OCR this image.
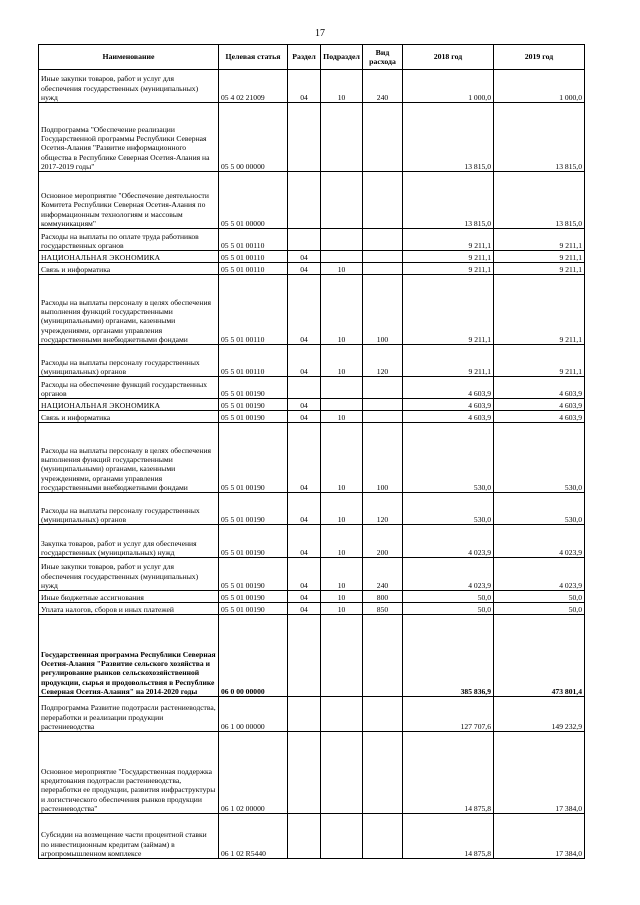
17
Наименование	Целевая статья	Раздел	Подраздел	Вид расхода	2018 год	2019 год
Иные закупки товаров, работ и услуг для обеспечения государственных (муниципальных) нужд	05 4 02 21009	04	10	240	1 000,0	1 000,0
Подпрограмма "Обеспечение реализации Государственной программы Республики Северная Осетия-Алания "Развитие информационного общества в Республике Северная Осетия-Алания на 2017-2019 годы"	05 5 00 00000				13 815,0	13 815,0
Основное мероприятие "Обеспечение деятельности Комитета Республики Северная Осетия-Алания по информационным технологиям и массовым коммуникациям"	05 5 01 00000				13 815,0	13 815,0
Расходы на выплаты по оплате труда работников государственных органов	05 5 01 00110				9 211,1	9 211,1
НАЦИОНАЛЬНАЯ ЭКОНОМИКА	05 5 01 00110	04			9 211,1	9 211,1
Связь и информатика	05 5 01 00110	04	10		9 211,1	9 211,1
Расходы на выплаты персоналу в целях обеспечения выполнения функций государственными (муниципальными) органами, казенными учреждениями, органами управления государственными внебюджетными фондами	05 5 01 00110	04	10	100	9 211,1	9 211,1
Расходы на выплаты персоналу государственных (муниципальных) органов	05 5 01 00110	04	10	120	9 211,1	9 211,1
Расходы на обеспечение функций государственных органов	05 5 01 00190				4 603,9	4 603,9
НАЦИОНАЛЬНАЯ ЭКОНОМИКА	05 5 01 00190	04			4 603,9	4 603,9
Связь и информатика	05 5 01 00190	04	10		4 603,9	4 603,9
Расходы на выплаты персоналу в целях обеспечения выполнения функций государственными (муниципальными) органами, казенными учреждениями, органами управления государственными внебюджетными фондами	05 5 01 00190	04	10	100	530,0	530,0
Расходы на выплаты персоналу государственных (муниципальных) органов	05 5 01 00190	04	10	120	530,0	530,0
Закупка товаров, работ и услуг для обеспечения государственных (муниципальных) нужд	05 5 01 00190	04	10	200	4 023,9	4 023,9
Иные закупки товаров, работ и услуг для обеспечения государственных (муниципальных) нужд	05 5 01 00190	04	10	240	4 023,9	4 023,9
Иные бюджетные ассигнования	05 5 01 00190	04	10	800	50,0	50,0
Уплата налогов, сборов и иных платежей	05 5 01 00190	04	10	850	50,0	50,0
Государственная программа Республики Северная Осетия-Алания "Развитие сельского хозяйства и регулирование рынков сельскохозяйственной продукции, сырья и продовольствия в Республике Северная Осетия-Алания" на 2014-2020 годы	06 0 00 00000				385 836,9	473 801,4
Подпрограмма Развитие подотрасли растениеводства, переработки и реализации продукции растениеводства	06 1 00 00000				127 707,6	149 232,9
Основное мероприятие "Государственная поддержка кредитования подотрасли растениеводства, переработки ее продукции, развития инфраструктуры и логистического обеспечения рынков продукции растениеводства"	06 1 02 00000				14 875,8	17 384,0
Субсидии на возмещение части процентной ставки по инвестиционным кредитам (займам) в агропромышленном комплексе	06 1 02 R5440				14 875,8	17 384,0
